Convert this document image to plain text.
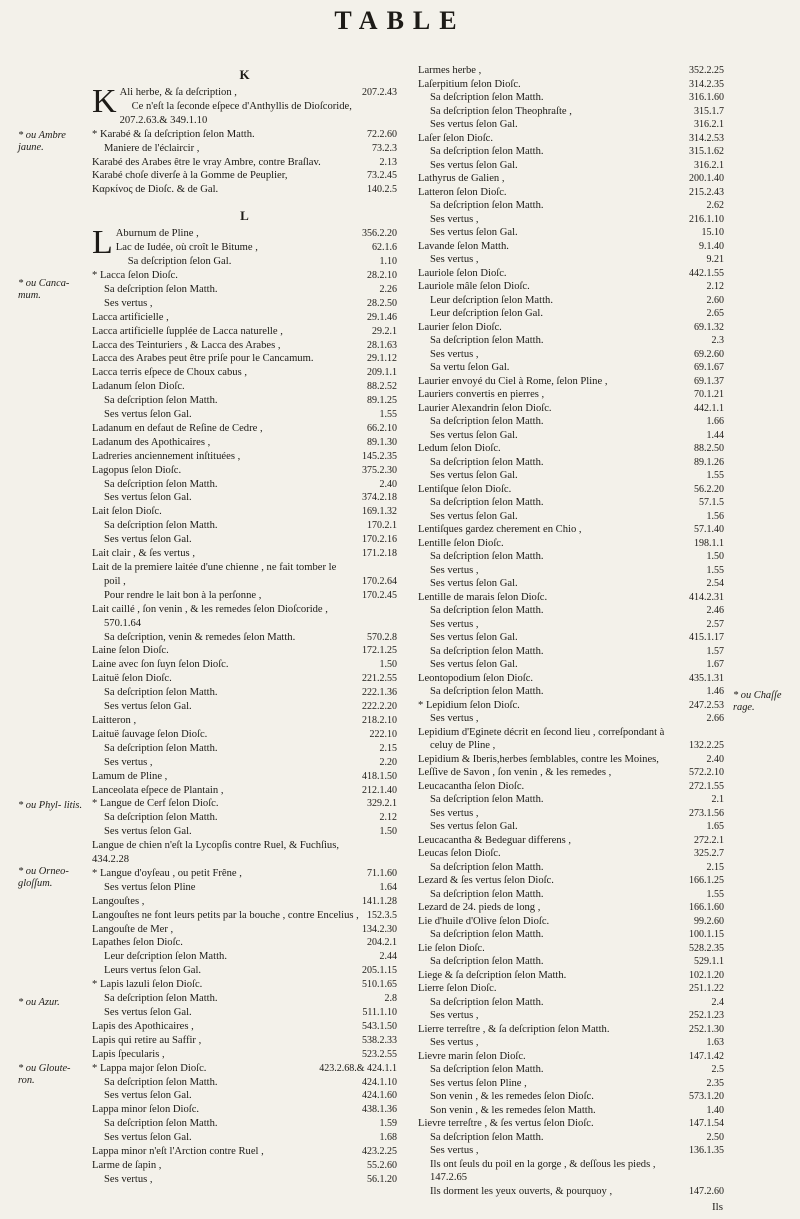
TABLE
K
K Ali herbe, & ſa deſcription ,	207.2.43
Ce n'eſt la ſeconde eſpece d'Anthyllis de Dioſcoride,
207.2.63.& 349.1.10
* Karabé & ſa deſcription ſelon Matth.	72.2.60
Maniere de l'éclaircir ,	73.2.3
Karabé des Arabes être le vray Ambre, contre Braſlav.	2.13
Karabé choſe diverſe à la Gomme de Peuplier,	73.2.45
Καρκίνος de Dioſc. & de Gal.	140.2.5
L
L Aburnum de Pline ,	356.2.20
Lac de Iudée, où croît le Bitume ,	62.1.6
Sa deſcription ſelon Gal.	1.10
* Lacca ſelon Dioſc.	28.2.10
Sa deſcription ſelon Matth.	2.26
Ses vertus ,	28.2.50
Lacca artificielle ,	29.1.46
Lacca artificielle ſupplée de Lacca naturelle ,	29.2.1
Lacca des Teinturiers , & Lacca des Arabes ,	28.1.63
Lacca des Arabes peut être priſe pour le Cancamum.	29.1.12
Lacca terris eſpece de Choux cabus ,	209.1.1
Ladanum ſelon Dioſc.	88.2.52
Sa deſcription ſelon Matth.	89.1.25
Ses vertus ſelon Gal.	1.55
Ladanum en defaut de Reſine de Cedre ,	66.2.10
Ladanum des Apothicaires ,	89.1.30
Ladreries anciennement inſtituées ,	145.2.35
Lagopus ſelon Dioſc.	375.2.30
Sa deſcription ſelon Matth.	2.40
Ses vertus ſelon Gal.	374.2.18
Lait ſelon Dioſc.	169.1.32
Sa deſcription ſelon Matth.	170.2.1
Ses vertus ſelon Gal.	170.2.16
Lait clair , & ſes vertus ,	171.2.18
Lait de la premiere laitée d'une chienne , ne fait tomber le
poil ,	170.2.64
Pour rendre le lait bon à la perſonne ,	170.2.45
Lait caillé , ſon venin , & les remedes ſelon Dioſcoride ,
570.1.64
Sa deſcription, venin & remedes ſelon Matth.	570.2.8
Laine ſelon Dioſc.	172.1.25
Laine avec ſon ſuyn ſelon Dioſc.	1.50
Laituë ſelon Dioſc.	221.2.55
Sa deſcription ſelon Matth.	222.1.36
Ses vertus ſelon Gal.	222.2.20
Laitteron ,	218.2.10
Laituë ſauvage ſelon Dioſc.	222.10
Sa deſcription ſelon Matth.	2.15
Ses vertus ,	2.20
Lamum de Pline ,	418.1.50
Lanceolata eſpece de Plantain ,	212.1.40
* Langue de Cerf ſelon Dioſc.	329.2.1
Sa deſcription ſelon Matth.	2.12
Ses vertus ſelon Gal.	1.50
Langue de chien n'eſt la Lycopſis contre Ruel, & Fuchſius,
434.2.28
* Langue d'oyſeau , ou petit Frêne ,	71.1.60
Ses vertus ſelon Pline	1.64
Langouſtes ,	141.1.28
Langouſtes ne font leurs petits par la bouche , contre Encelius , 152.3.5
Langouſte de Mer ,	134.2.30
Lapathes ſelon Dioſc.	204.2.1
Leur deſcription ſelon Matth.	2.44
Leurs vertus ſelon Gal.	205.1.15
* Lapis lazuli ſelon Dioſc.	510.1.65
Sa deſcription ſelon Matth.	2.8
Ses vertus ſelon Gal.	511.1.10
Lapis des Apothicaires ,	543.1.50
Lapis qui retire au Saffir ,	538.2.33
Lapis ſpecularis ,	523.2.55
* Lappa major ſelon Dioſc.	423.2.68.& 424.1.1
Sa deſcription ſelon Matth.	424.1.10
Ses vertus ſelon Gal.	424.1.60
Lappa minor ſelon Dioſc.	438.1.36
Sa deſcription ſelon Matth.	1.59
Ses vertus ſelon Gal.	1.68
Lappa minor n'eſt l'Arction contre Ruel ,	423.2.25
Larme de ſapin ,	55.2.60
Ses vertus ,	56.1.20
Larmes herbe ,	352.2.25
Laſerpitium ſelon Dioſc.	314.2.35
Sa deſcription ſelon Matth.	316.1.60
Sa deſcription ſelon Theophraſte ,	315.1.7
Ses vertus ſelon Gal.	316.2.1
Laſer ſelon Dioſc.	314.2.53
Sa deſcription ſelon Matth.	315.1.62
Ses vertus ſelon Gal.	316.2.1
Lathyrus de Galien ,	200.1.40
Latteron ſelon Dioſc.	215.2.43
Sa deſcription ſelon Matth.	2.62
Ses vertus ,	216.1.10
Ses vertus ſelon Gal.	15.10
Lavande ſelon Matth.	9.1.40
Ses vertus ,	9.21
Lauriole ſelon Dioſc.	442.1.55
Lauriole mâle ſelon Dioſc.	2.12
Leur deſcription ſelon Matth.	2.60
Leur deſcription ſelon Gal.	2.65
Laurier ſelon Dioſc.	69.1.32
Sa deſcription ſelon Matth.	2.3
Ses vertus ,	69.2.60
Sa vertu ſelon Gal.	69.1.67
Laurier envoyé du Ciel à Rome, ſelon Pline ,	69.1.37
Lauriers convertis en pierres ,	70.1.21
Laurier Alexandrin ſelon Dioſc.	442.1.1
Sa deſcription ſelon Matth.	1.66
Ses vertus ſelon Gal.	1.44
Ledum ſelon Dioſc.	88.2.50
Sa deſcription ſelon Matth.	89.1.26
Ses vertus ſelon Gal.	1.55
Lentiſque ſelon Dioſc.	56.2.20
Sa deſcription ſelon Matth.	57.1.5
Ses vertus ſelon Gal.	1.56
Lentiſques gardez cherement en Chio ,	57.1.40
Lentille ſelon Dioſc.	198.1.1
Sa deſcription ſelon Matth.	1.50
Ses vertus ,	1.55
Ses vertus ſelon Gal.	2.54
Lentille de marais ſelon Dioſc.	414.2.31
Sa deſcription ſelon Matth.	2.46
Ses vertus ,	2.57
Ses vertus ſelon Gal.	415.1.17
Sa deſcription ſelon Matth.	1.57
Ses vertus ſelon Gal.	1.67
Leontopodium ſelon Dioſc.	435.1.31
Sa deſcription ſelon Matth.	1.46
* Lepidium ſelon Dioſc.	247.2.53
Ses vertus ,	2.66
Lepidium d'Eginete décrit en ſecond lieu , correſpondant à
celuy de Pline ,	132.2.25
Lepidium & Iberis,herbes ſemblables, contre les Moines,	2.40
Leſſive de Savon , ſon venin , & les remedes ,	572.2.10
Leucacantha ſelon Dioſc.	272.1.55
Sa deſcription ſelon Matth.	2.1
Ses vertus ,	273.1.56
Ses vertus ſelon Gal.	1.65
Leucacantha & Bedeguar differens ,	272.2.1
Leucas ſelon Dioſc.	325.2.7
Sa deſcription ſelon Matth.	2.15
Lezard & ſes vertus ſelon Dioſc.	166.1.25
Sa deſcription ſelon Matth.	1.55
Lezard de 24. pieds de long ,	166.1.60
Lie d'huile d'Olive ſelon Dioſc.	99.2.60
Sa deſcription ſelon Matth.	100.1.15
Lie ſelon Dioſc.	528.2.35
Sa deſcription ſelon Matth.	529.1.1
Liege & ſa deſcription ſelon Matth.	102.1.20
Lierre ſelon Dioſc.	251.1.22
Sa deſcription ſelon Matth.	2.4
Ses vertus ,	252.1.23
Lierre terreſtre , & ſa deſcription ſelon Matth.	252.1.30
Ses vertus ,	1.63
Lievre marin ſelon Dioſc.	147.1.42
Sa deſcription ſelon Matth.	2.5
Ses vertus ſelon Pline ,	2.35
Son venin , & les remedes ſelon Dioſc.	573.1.20
Son venin , & les remedes ſelon Matth.	1.40
Lievre terreſtre , & ſes vertus ſelon Dioſc.	147.1.54
Sa deſcription ſelon Matth.	2.50
Ses vertus ,	136.1.35
Ils ont ſeuls du poil en la gorge , & deſſous les pieds ,
147.2.65
Ils dorment les yeux ouverts, & pourquoy ,	147.2.60
* ou Ambre jaune.
* ou Canca- mum.
* ou Phyl- litis.
* ou Orneo- gloſſum.
* ou Azur.
* ou Gloute- ron.
* ou Chaſſe rage.
Ils
